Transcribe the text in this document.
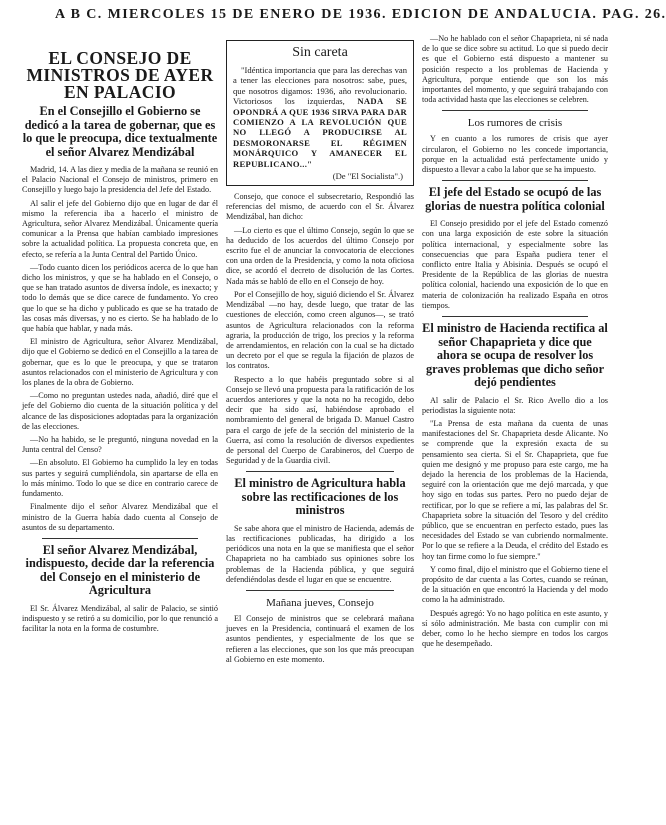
A B C. MIERCOLES 15 DE ENERO DE 1936. EDICION DE ANDALUCIA. PAG. 26.
EL CONSEJO DE MINISTROS DE AYER EN PALACIO
En el Consejillo el Gobierno se dedicó a la tarea de gobernar, que es lo que le preocupa, dice textualmente el señor Alvarez Mendizábal

Madrid, 14. A las diez y media de la mañana se reunió en el Palacio Nacional el Consejo de ministros, primero en Consejillo y luego bajo la presidencia del Jefe del Estado.

Al salir el jefe del Gobierno dijo que en lugar de dar él mismo la referencia iba a hacerlo el ministro de Agricultura, señor Alvarez Mendizábal. Únicamente quería comunicar a la Prensa que habían cambiado impresiones sobre la actualidad política. La propuesta concreta que, en efecto, se refería a la Junta Central del Partido Único.

—Todo cuanto dicen los periódicos acerca de lo que han dicho los ministros, y que se ha hablado en el Consejo, o que se han tratado asuntos de diversa índole, es inexacto; y todo lo demás que se dice carece de fundamento. Yo creo que lo que se ha dicho y publicado es que se ha tratado de las cosas más diversas, y no es cierto. Se ha hablado de lo que había que hablar, y nada más.

El ministro de Agricultura, señor Alvarez Mendizábal, dijo que el Gobierno se dedicó en el Consejillo a la tarea de gobernar, que es lo que le preocupa, y que se trataron asuntos relacionados con el ministerio de Agricultura y con los planes de la obra de Gobierno.

—Como no preguntan ustedes nada, añadió, diré que el jefe del Gobierno dio cuenta de la situación política y del alcance de las disposiciones adoptadas para la organización de las elecciones.

—No ha habido, se le preguntó, ninguna novedad en la Junta central del Censo?

—En absoluto. El Gobierno ha cumplido la ley en todas sus partes y seguirá cumpliéndola, sin apartarse de ella en lo más mínimo. Todo lo que se dice en contrario carece de fundamento.

Finalmente dijo el señor Alvarez Mendizábal que el ministro de la Guerra había dado cuenta al Consejo de asuntos de su departamento.

El señor Alvarez Mendizábal, indispuesto, decide dar la referencia del Consejo en el ministerio de Agricultura

El Sr. Álvarez Mendizábal, al salir de Palacio, se sintió indispuesto y se retiró a su domicilio, por lo que renunció a facilitar la nota en la forma de costumbre.

Sin careta

"Idéntica importancia que para las derechas van a tener las elecciones para nosotros: sabe, pues, que nosotros digamos: 1936, año revolucionario. Victoriosos los izquierdas, NADA SE OPONDRÁ A QUE 1936 SIRVA PARA DAR COMIENZO A LA REVOLUCIÓN QUE NO LLEGÓ A PRODUCIRSE AL DESMORONARSE EL RÉGIMEN MONÁRQUICO Y AMANECER EL REPUBLICANO..."

(De "El Socialista".)

Consejo, que conoce el subsecretario, Respondió las referencias del mismo, de acuerdo con el Sr. Álvarez Mendizábal, han dicho:

—Lo cierto es que el último Consejo, según lo que se ha deducido de los acuerdos del último Consejo por escrito fue el de anunciar la convocatoria de elecciones con una orden de la Presidencia, y como la nota oficiosa dice, se acordó el decreto de disolución de las Cortes. Nada más se habló de ello en el Consejo de hoy.

Por el Consejillo de hoy, siguió diciendo el Sr. Álvarez Mendizábal —no hay, desde luego, que tratar de las cuestiones de elección, como creen algunos—, se trató asuntos de Agricultura relacionados con la reforma agraria, la producción de trigo, los precios y la reforma de arrendamientos, en relación con la cual se ha dictado un decreto por el que se regula la fijación de plazos de los contratos.

Respecto a lo que habéis preguntado sobre si al Consejo se llevó una propuesta para la ratificación de los acuerdos anteriores y que la nota no ha recogido, debo decir que ha sido así, habiéndose aprobado el nombramiento del general de brigada D. Manuel Castro para el cargo de jefe de la sección del ministerio de la Guerra, así como la resolución de diversos expedientes de personal del Cuerpo de Carabineros, del Cuerpo de Seguridad y de la Guardia civil.

El ministro de Agricultura habla sobre las rectificaciones de los ministros

Se sabe ahora que el ministro de Hacienda, además de las rectificaciones publicadas, ha dirigido a los periódicos una nota en la que se manifiesta que el señor Chapaprieta no ha cambiado sus opiniones sobre los problemas de la Hacienda pública, y que seguirá defendiéndolas desde el lugar en que se encuentre.

Mañana jueves, Consejo

El Consejo de ministros que se celebrará mañana jueves en la Presidencia, continuará el examen de los asuntos pendientes, y especialmente de los que se refieren a las elecciones, que son los que más preocupan al Gobierno en este momento.

—No he hablado con el señor Chapaprieta, ni sé nada de lo que se dice sobre su actitud. Lo que si puedo decir es que el Gobierno está dispuesto a mantener su posición respecto a los problemas de Hacienda y Agricultura, porque entiende que son los más importantes del momento, y que seguirá trabajando con toda actividad hasta que las elecciones se celebren.

Los rumores de crisis

Y en cuanto a los rumores de crisis que ayer circularon, el Gobierno no les concede importancia, porque en la actualidad está perfectamente unido y dispuesto a llevar a cabo la labor que se ha impuesto.

El jefe del Estado se ocupó de las glorias de nuestra política colonial

El Consejo presidido por el jefe del Estado comenzó con una larga exposición de este sobre la situación política internacional, y especialmente sobre las consecuencias que para España pudiera tener el conflicto entre Italia y Abisinia. Después se ocupó el Presidente de la República de las glorias de nuestra política colonial, haciendo una exposición de lo que en materia de colonización ha realizado España en otros tiempos.

El ministro de Hacienda rectifica al señor Chapaprieta y dice que ahora se ocupa de resolver los graves problemas que dicho señor dejó pendientes

Al salir de Palacio el Sr. Rico Avello dio a los periodistas la siguiente nota:

"La Prensa de esta mañana da cuenta de unas manifestaciones del Sr. Chapaprieta desde Alicante. No se comprende que la expresión exacta de su pensamiento sea cierta. Si el Sr. Chapaprieta, que fue quien me designó y me propuso para este cargo, me ha dejado la herencia de los problemas de la Hacienda, seguiré con la orientación que me dejó marcada, y que hoy sigo en todas sus partes. Pero no puedo dejar de rectificar, por lo que se refiere a mí, las palabras del Sr. Chapaprieta sobre la situación del Tesoro y del crédito público, que se encuentran en perfecto estado, pues las necesidades del Estado se van cubriendo normalmente. Por lo que se refiere a la Deuda, el crédito del Estado es hoy tan firme como lo fue siempre."

Y como final, dijo el ministro que el Gobierno tiene el propósito de dar cuenta a las Cortes, cuando se reúnan, de la situación en que encontró la Hacienda y del modo como la ha administrado.

Después agregó: Yo no hago política en este asunto, y sí sólo administración. Me basta con cumplir con mi deber, como lo he hecho siempre en todos los cargos que he desempeñado.
